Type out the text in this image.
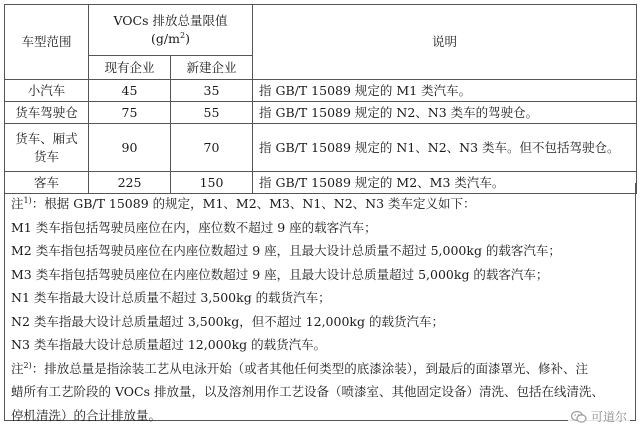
车型范围	VOCs 排放总量限值
$(g/m^2)$		说明
	现有企业	新建企业	
小汽车	45	35	指 GB/T 15089 规定的 M1 类汽车。
货车驾驶仓	75	55	指 GB/T 15089 规定的 N2、N3 类车的驾驶仓。

货车、厢式
货车	90	70	指 GB/T 15089 规定的 N1、N2、N3 类车。但不包括驾驶仓。
客车	225	150	指 GB/T 15089 规定的 M2、M3 类汽车。

注$^{1)}$：根据 GB/T 15089 的规定，M1、M2、M3、N1、N2、N3 类车定义如下：

M1 类车指包括驾驶员座位在内，座位数不超过 9 座的载客汽车；

M2 类车指包括驾驶员座位在内座位数超过 9 座，且最大设计总质量不超过 5,000kg 的载客汽车；

M3 类车指包括驾驶员座位在内座位数超过 9 座，且最大设计总质量超过 5,000kg 的载客汽车；

N1 类车指最大设计总质量不超过 3,500kg 的载货汽车；

N2 类车指最大设计总质量超过 3,500kg，但不超过 12,000kg 的载货汽车；

N3 类车指最大设计总质量超过 12,000kg 的载货汽车。

注$^{2)}$：排放总量是指涂装工艺从电泳开始（或者其他任何类型的底漆涂装），到最后的面漆罩光、修补、注

蜡所有工艺阶段的 VOCs 排放量，以及溶剂用作工艺设备（喷漆室、其他固定设备）清洗、包括在线清洗、

停机清洗）的合计排放量。	可道尔
